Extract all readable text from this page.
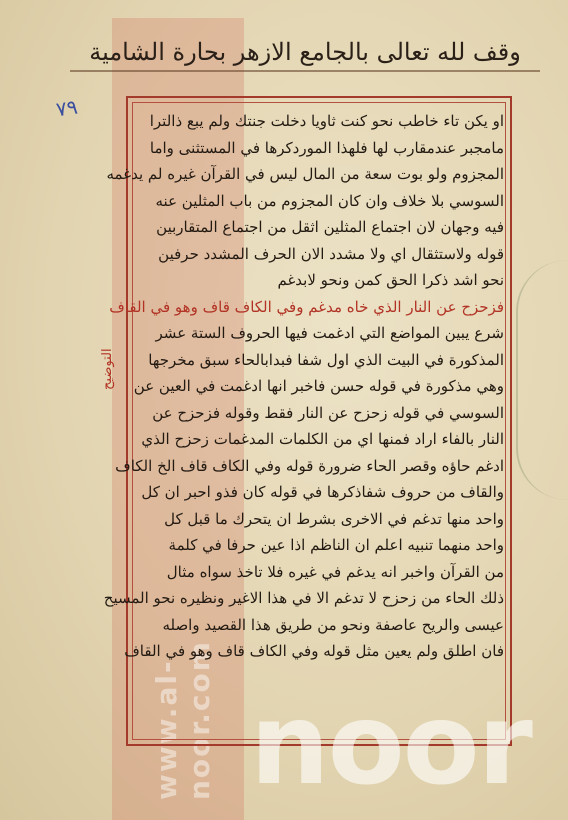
www.al-noor.com
وقف لله تعالى بالجامع الازهر بحارة الشامية
٧٩
التوضيح
او يكن تاء خاطب نحو كنت ثاويا دخلت جنتك ولم يبع ذالترا
مامجبر عندمقارب لها فلهذا الموردكرها في المستثنى واما
المجزوم ولو بوت سعة من المال ليس في القرآن غيره لم يدغمه
السوسي بلا خلاف وان كان المجزوم من باب المثلين عنه
فيه وجهان لان اجتماع المثلين اثقل من اجتماع المتقاربين
قوله ولاستثقال اي ولا مشدد الان الحرف المشدد حرفين
نحو اشد ذكرا الحق كمن ونحو لابدغم
فزحزح عن النار الذي خاه مدغم وفي الكاف قاف وهو في القاف
شرع يبين المواضع التي ادغمت فيها الحروف الستة عشر
المذكورة في البيت الذي اول شفا فبدابالحاء سبق مخرجها
وهي مذكورة في قوله حسن فاخبر انها ادغمت في العين عن
السوسي في قوله زحزح عن النار فقط وقوله فزحزح عن
النار بالفاء اراد فمنها اي من الكلمات المدغمات زحزح الذي
ادغم حاؤه وقصر الحاء ضرورة قوله وفي الكاف قاف الخ الكاف
والقاف من حروف شفاذكرها في قوله كان فذو احبر ان كل
واحد منها تدغم في الاخرى بشرط ان يتحرك ما قبل كل
واحد منهما تنبيه اعلم ان الناظم اذا عين حرفا في كلمة
من القرآن واخبر انه يدغم في غيره فلا تاخذ سواه مثال
ذلك الحاء من زحزح لا تدغم الا في هذا الاغير ونظيره نحو المسيح
عيسى والريح عاصفة ونحو من طريق هذا القصيد واصله
فان اطلق ولم يعين مثل قوله وفي الكاف قاف وهو في القاف
noor
